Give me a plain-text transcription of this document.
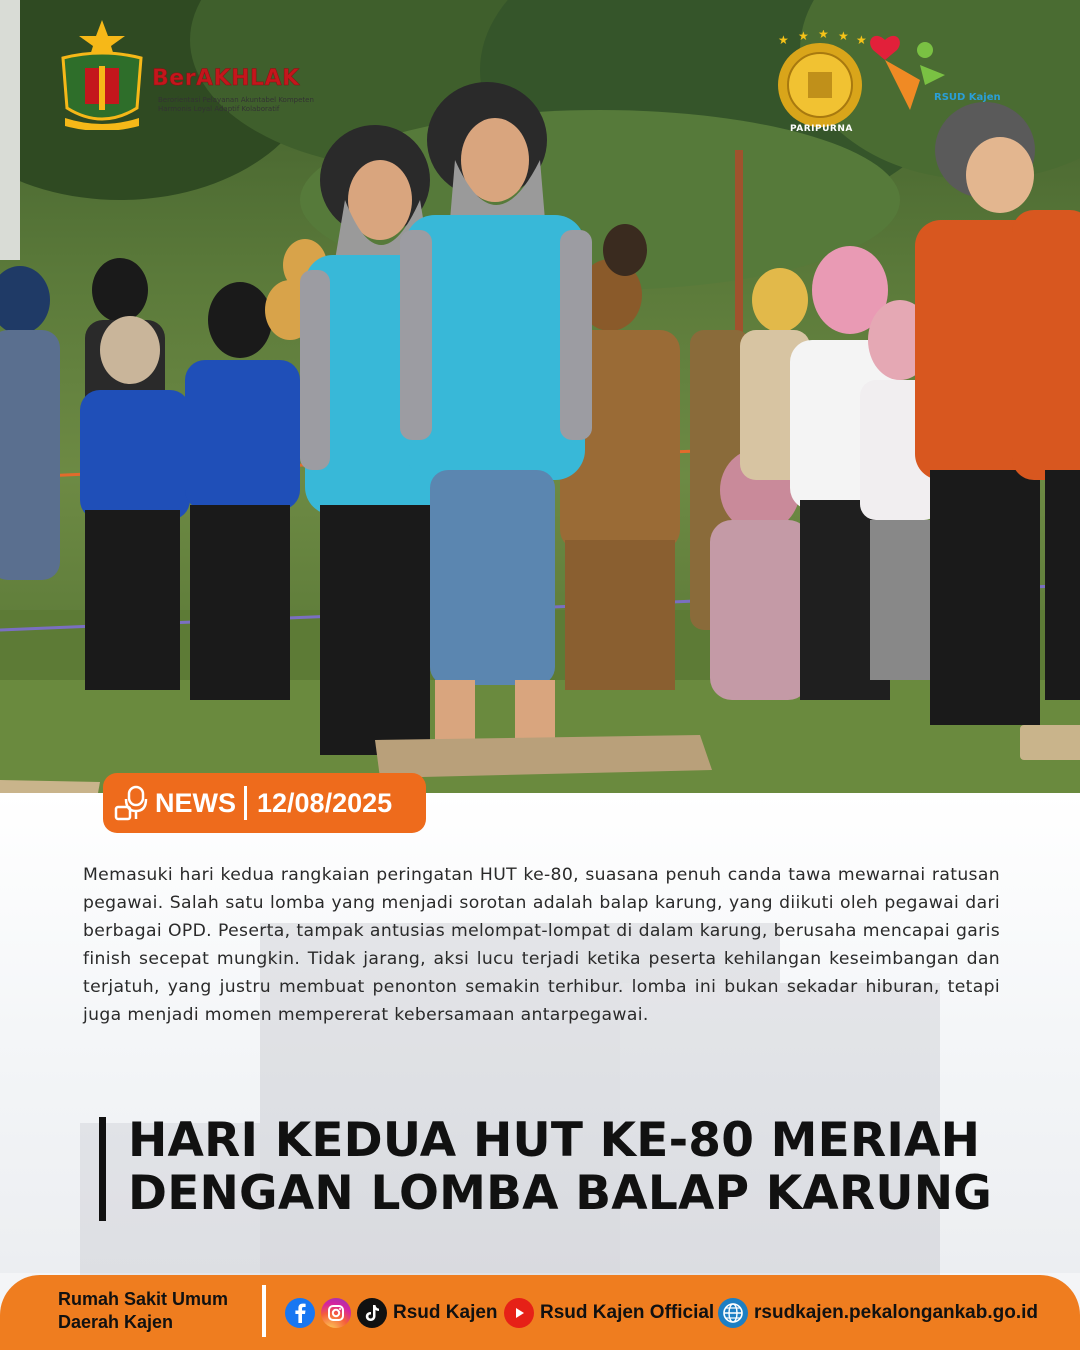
BerAKHLAK
Berorientasi Pelayanan Akuntabel Kompeten Harmonis Loyal Adaptif Kolaboratif
★ ★ ★ ★ ★
PARIPURNA
RSUD Kajen
NEWS 12/08/2025

Memasuki hari kedua rangkaian peringatan HUT ke-80, suasana penuh canda tawa mewarnai ratusan pegawai. Salah satu lomba yang menjadi sorotan adalah balap karung, yang diikuti oleh pegawai dari berbagai OPD. Peserta, tampak antusias melompat-lompat di dalam karung, berusaha mencapai garis finish secepat mungkin. Tidak jarang, aksi lucu terjadi ketika peserta kehilangan keseimbangan dan terjatuh, yang justru membuat penonton semakin terhibur. lomba ini bukan sekadar hiburan, tetapi juga menjadi momen mempererat kebersamaan antarpegawai.

HARI KEDUA HUT KE-80 MERIAH
DENGAN LOMBA BALAP KARUNG
Rumah Sakit Umum
Daerah Kajen	Rsud Kajen Rsud Kajen Official rsudkajen.pekalongankab.go.id
